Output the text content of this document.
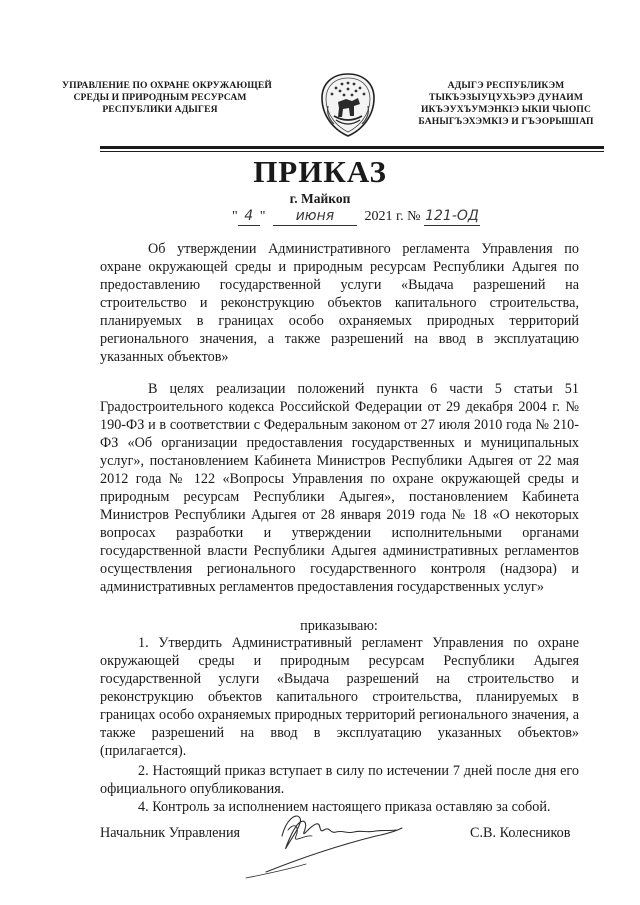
УПРАВЛЕНИЕ ПО ОХРАНЕ ОКРУЖАЮЩЕЙ
СРЕДЫ И ПРИРОДНЫМ РЕСУРСАМ
РЕСПУБЛИКИ АДЫГЕЯ
АДЫГЭ РЕСПУБЛИКЭМ
ТЫКЪЭЗЫУЦУХЬЭРЭ ДУНАИМ
ИКЪЭУХЪУМЭНКIЭ ЫКIИ ЧЫОПС
БАНЫГЪЭХЭМКIЭ И ГЪЭОРЫШIАП
ПРИКАЗ
г. Майкоп
" 4 " июня 2021 г. № 121-ОД
Об утверждении Административного регламента Управления по охране окружающей среды и природным ресурсам Республики Адыгея по предоставлению государственной услуги «Выдача разрешений на строительство и реконструкцию объектов капитального строительства, планируемых в границах особо охраняемых природных территорий регионального значения, а также разрешений на ввод в эксплуатацию указанных объектов»
В целях реализации положений пункта 6 части 5 статьи 51 Градостроительного кодекса Российской Федерации от 29 декабря 2004 г. № 190-ФЗ и в соответствии с Федеральным законом от 27 июля 2010 года № 210-ФЗ «Об организации предоставления государственных и муниципальных услуг», постановлением Кабинета Министров Республики Адыгея от 22 мая 2012 года № 122 «Вопросы Управления по охране окружающей среды и природным ресурсам Республики Адыгея», постановлением Кабинета Министров Республики Адыгея от 28 января 2019 года № 18 «О некоторых вопросах разработки и утверждении исполнительными органами государственной власти Республики Адыгея административных регламентов осуществления регионального государственного контроля (надзора) и административных регламентов предоставления государственных услуг»
приказываю:
1. Утвердить Административный регламент Управления по охране окружающей среды и природным ресурсам Республики Адыгея государственной услуги «Выдача разрешений на строительство и реконструкцию объектов капитального строительства, планируемых в границах особо охраняемых природных территорий регионального значения, а также разрешений на ввод в эксплуатацию указанных объектов» (прилагается).
2. Настоящий приказ вступает в силу по истечении 7 дней после дня его официального опубликования.
4. Контроль за исполнением настоящего приказа оставляю за собой.
Начальник Управления	С.В. Колесников
